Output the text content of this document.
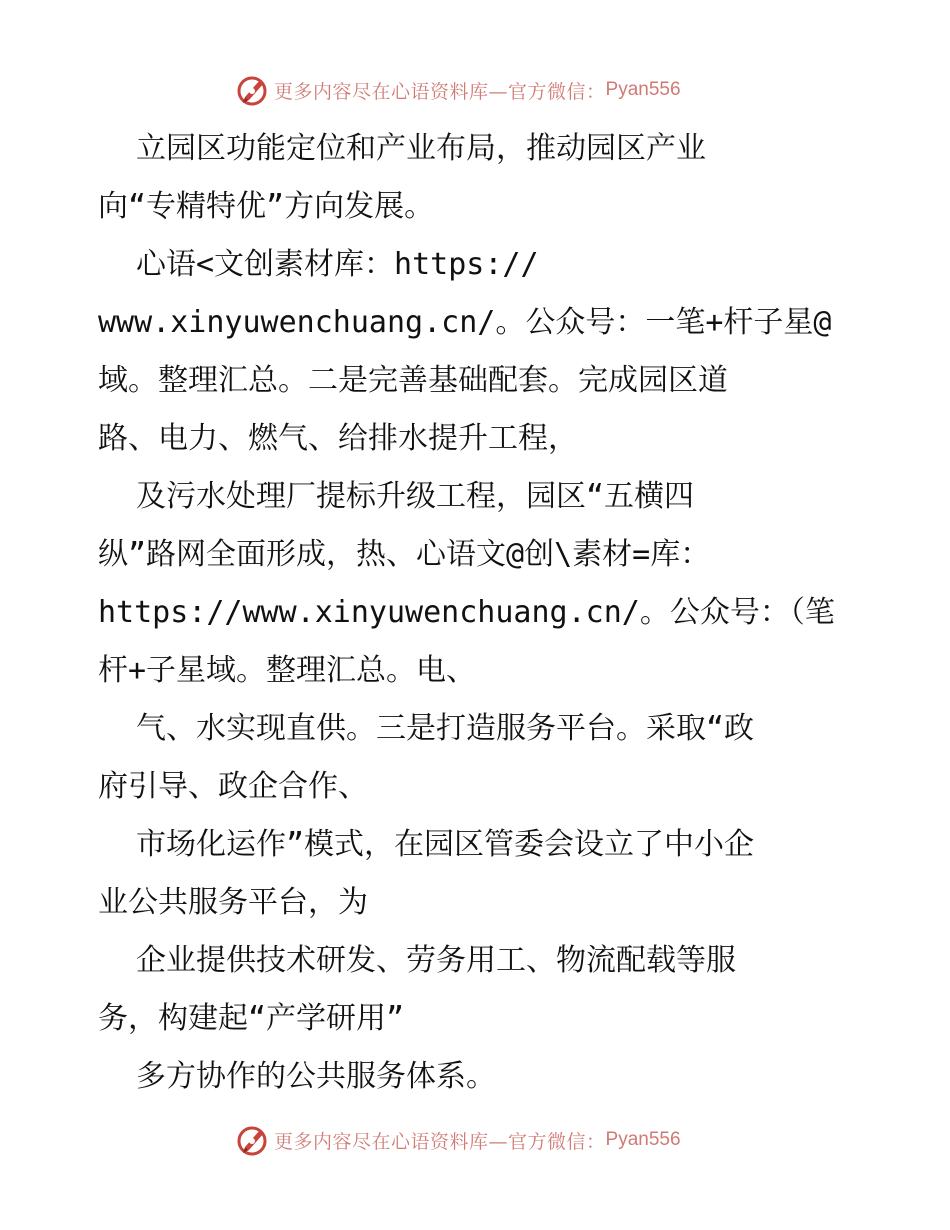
更多内容尽在心语资料库—官方微信： Pyan556
立园区功能定位和产业布局，推动园区产业
向“专精特优”方向发展。
心语<文创素材库：https://
www.xinyuwenchuang.cn/。公众号：一笔+杆子星@
域。整理汇总。二是完善基础配套。完成园区道
路、电力、燃气、给排水提升工程，
及污水处理厂提标升级工程，园区“五横四
纵”路网全面形成，热、心语文@创\素材=库：
https://www.xinyuwenchuang.cn/。公众号：（笔
杆+子星域。整理汇总。电、
气、水实现直供。三是打造服务平台。采取“政
府引导、政企合作、
市场化运作”模式，在园区管委会设立了中小企
业公共服务平台，为
企业提供技术研发、劳务用工、物流配载等服
务，构建起“产学研用”
多方协作的公共服务体系。
更多内容尽在心语资料库—官方微信： Pyan556
